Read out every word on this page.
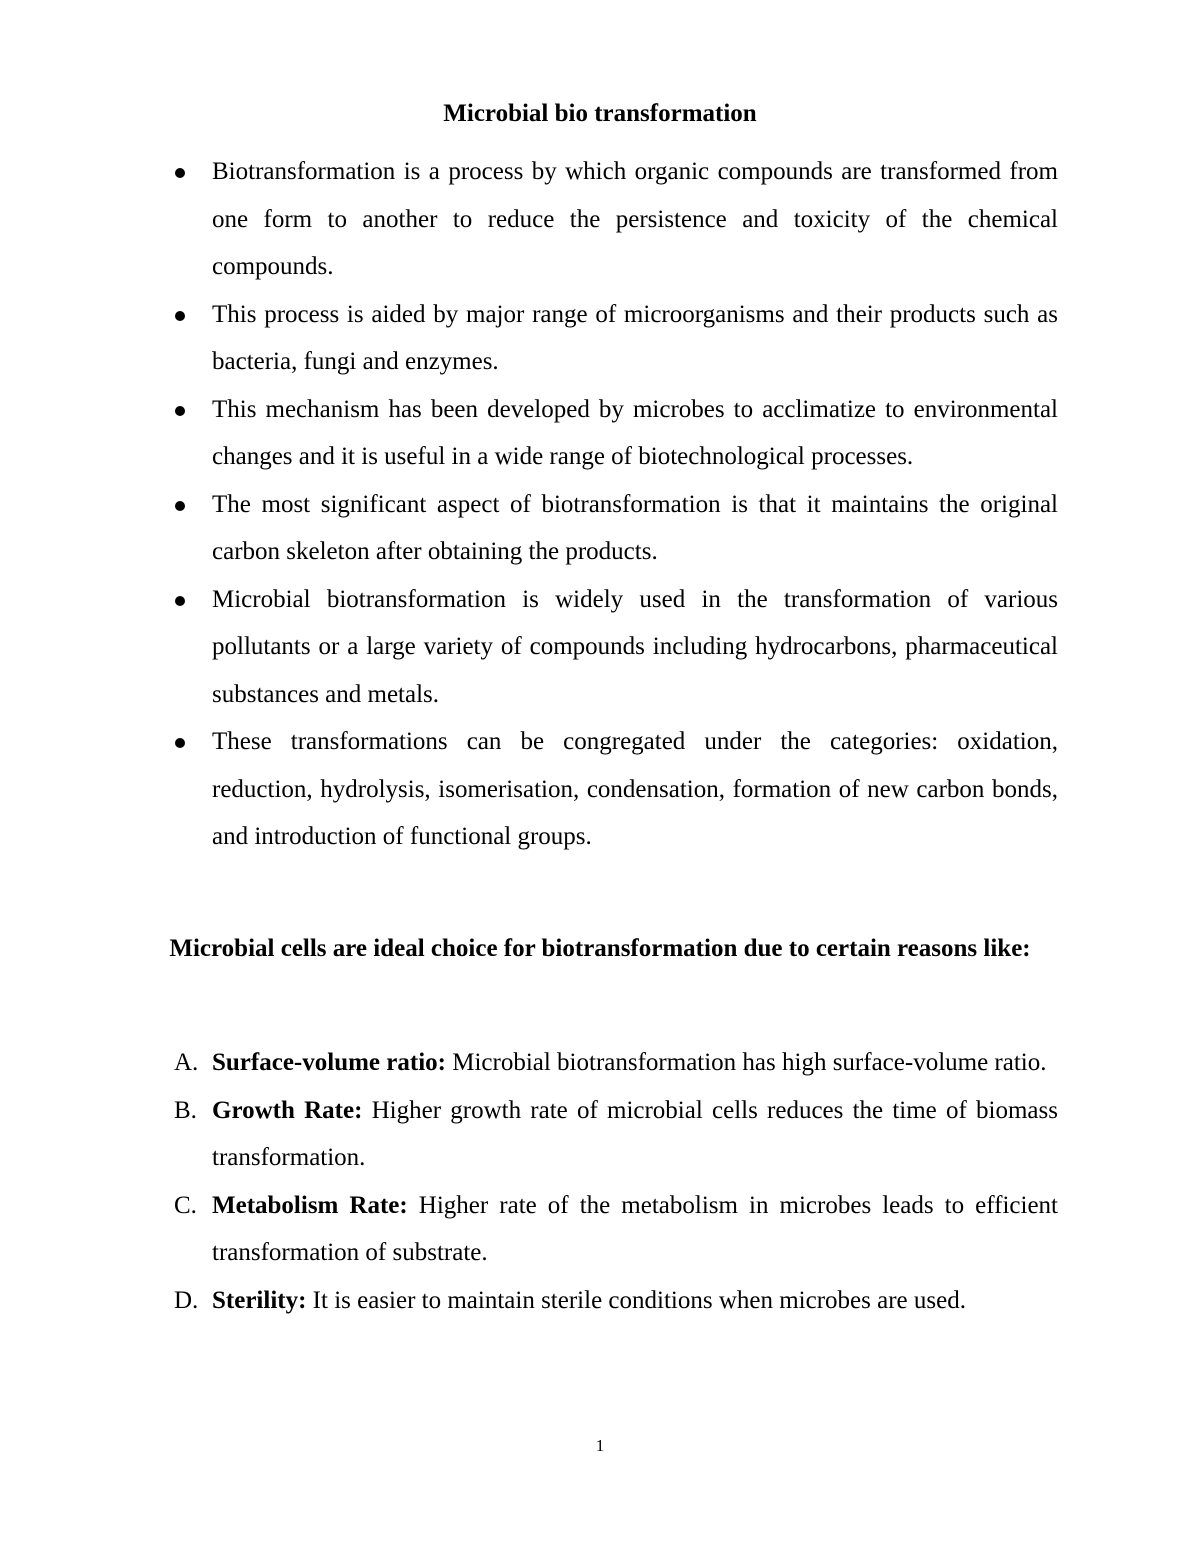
Microbial bio transformation
Biotransformation is a process by which organic compounds are transformed from one form to another to reduce the persistence and toxicity of the chemical compounds.
This process is aided by major range of microorganisms and their products such as bacteria, fungi and enzymes.
This mechanism has been developed by microbes to acclimatize to environmental changes and it is useful in a wide range of biotechnological processes.
The most significant aspect of biotransformation is that it maintains the original carbon skeleton after obtaining the products.
Microbial biotransformation is widely used in the transformation of various pollutants or a large variety of compounds including hydrocarbons, pharmaceutical substances and metals.
These transformations can be congregated under the categories: oxidation, reduction, hydrolysis, isomerisation, condensation, formation of new carbon bonds, and introduction of functional groups.
Microbial cells are ideal choice for biotransformation due to certain reasons like:
A. Surface-volume ratio: Microbial biotransformation has high surface-volume ratio.
B. Growth Rate: Higher growth rate of microbial cells reduces the time of biomass transformation.
C. Metabolism Rate: Higher rate of the metabolism in microbes leads to efficient transformation of substrate.
D. Sterility: It is easier to maintain sterile conditions when microbes are used.
1
